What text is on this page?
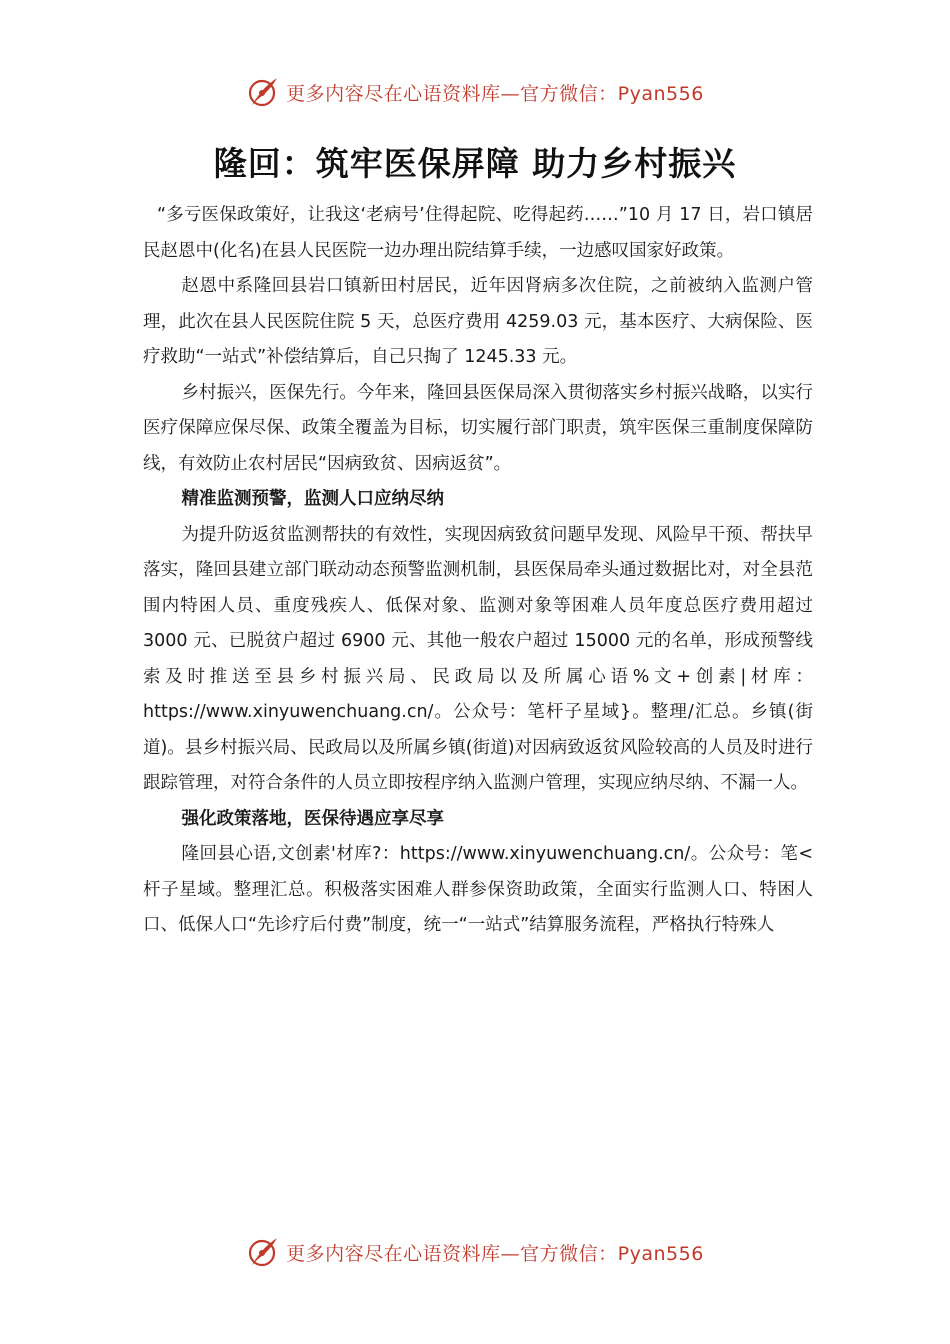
更多内容尽在心语资料库—官方微信：Pyan556
隆回：筑牢医保屏障 助力乡村振兴

“多亏医保政策好，让我这‘老病号’住得起院、吃得起药……”10 月 17 日，岩口镇居民赵恩中(化名)在县人民医院一边办理出院结算手续，一边感叹国家好政策。

赵恩中系隆回县岩口镇新田村居民，近年因肾病多次住院，之前被纳入监测户管理，此次在县人民医院住院 5 天，总医疗费用 4259.03 元，基本医疗、大病保险、医疗救助“一站式”补偿结算后，自己只掏了 1245.33 元。

乡村振兴，医保先行。今年来，隆回县医保局深入贯彻落实乡村振兴战略，以实行医疗保障应保尽保、政策全覆盖为目标，切实履行部门职责，筑牢医保三重制度保障防线，有效防止农村居民“因病致贫、因病返贫”。

精准监测预警，监测人口应纳尽纳

为提升防返贫监测帮扶的有效性，实现因病致贫问题早发现、风险早干预、帮扶早落实，隆回县建立部门联动动态预警监测机制，县医保局牵头通过数据比对，对全县范围内特困人员、重度残疾人、低保对象、监测对象等困难人员年度总医疗费用超过 3000 元、已脱贫户超过 6900 元、其他一般农户超过 15000 元的名单，形成预警线索及时推送至县乡村振兴局、民政局以及所属心语%文+创素|材库：https://www.xinyuwenchuang.cn/。公众号：笔杆子星域}。整理/汇总。乡镇(街道)。县乡村振兴局、民政局以及所属乡镇(街道)对因病致返贫风险较高的人员及时进行跟踪管理，对符合条件的人员立即按程序纳入监测户管理，实现应纳尽纳、不漏一人。

强化政策落地，医保待遇应享尽享

隆回县心语,文创素'材库?：https://www.xinyuwenchuang.cn/。公众号：笔<杆子星域。整理汇总。积极落实困难人群参保资助政策，全面实行监测人口、特困人口、低保人口“先诊疗后付费”制度，统一“一站式”结算服务流程，严格执行特殊人

更多内容尽在心语资料库—官方微信：Pyan556
